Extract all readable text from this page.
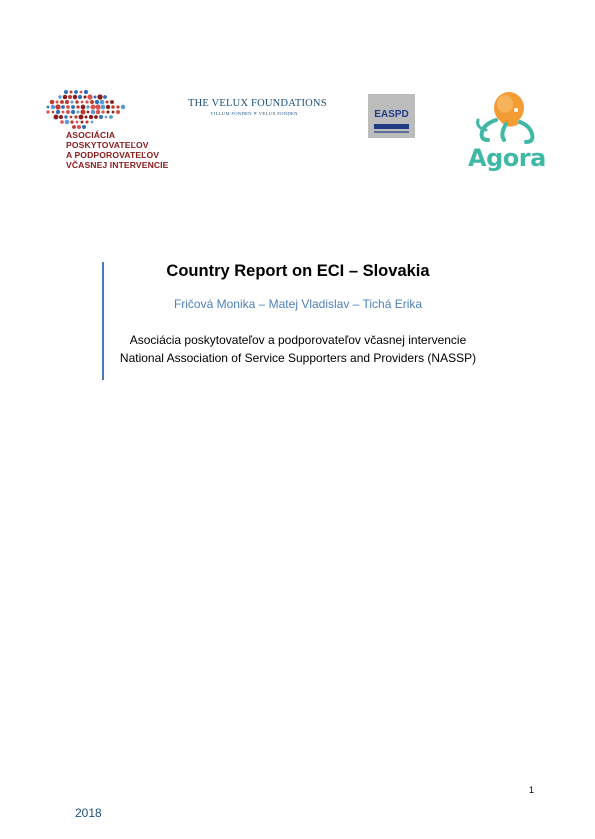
ASOCIÁCIA
POSKYTOVATEĽOV
A PODPOROVATEĽOV
VČASNEJ INTERVENCIE
THE VELUX FOUNDATIONS
VILLUM FONDEN ✕ VELUX FONDEN	EASPD
Agora
Country Report on ECI – Slovakia
Fričová Monika – Matej Vladislav – Tichá Erika
Asociácia poskytovateľov a podporovateľov včasnej intervencie
National Association of Service Supporters and Providers (NASSP)
1
2018
